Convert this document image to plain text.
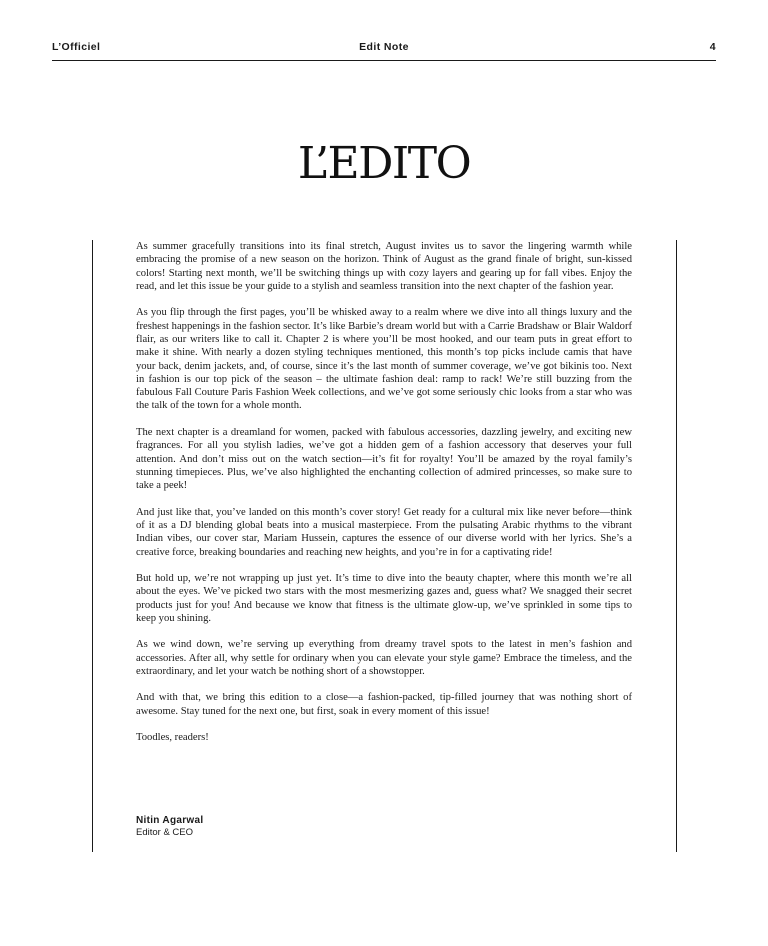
L’Officiel	Edit Note	4
L’EDITO

As summer gracefully transitions into its final stretch, August invites us to savor the lingering warmth while embracing the promise of a new season on the horizon. Think of August as the grand finale of bright, sun-kissed colors! Starting next month, we’ll be switching things up with cozy layers and gearing up for fall vibes. Enjoy the read, and let this issue be your guide to a stylish and seamless transition into the next chapter of the fashion year.

As you flip through the first pages, you’ll be whisked away to a realm where we dive into all things luxury and the freshest happenings in the fashion sector. It’s like Barbie’s dream world but with a Carrie Bradshaw or Blair Waldorf flair, as our writers like to call it. Chapter 2 is where you’ll be most hooked, and our team puts in great effort to make it shine. With nearly a dozen styling techniques mentioned, this month’s top picks include camis that have your back, denim jackets, and, of course, since it’s the last month of summer coverage, we’ve got bikinis too. Next in fashion is our top pick of the season – the ultimate fashion deal: ramp to rack! We’re still buzzing from the fabulous Fall Couture Paris Fashion Week collections, and we’ve got some seriously chic looks from a star who was the talk of the town for a whole month.

The next chapter is a dreamland for women, packed with fabulous accessories, dazzling jewelry, and exciting new fragrances. For all you stylish ladies, we’ve got a hidden gem of a fashion accessory that deserves your full attention. And don’t miss out on the watch section—it’s fit for royalty! You’ll be amazed by the royal family’s stunning timepieces. Plus, we’ve also highlighted the enchanting collection of admired princesses, so make sure to take a peek!

And just like that, you’ve landed on this month’s cover story! Get ready for a cultural mix like never before—think of it as a DJ blending global beats into a musical masterpiece. From the pulsating Arabic rhythms to the vibrant Indian vibes, our cover star, Mariam Hussein, captures the essence of our diverse world with her lyrics. She’s a creative force, breaking boundaries and reaching new heights, and you’re in for a captivating ride!

But hold up, we’re not wrapping up just yet. It’s time to dive into the beauty chapter, where this month we’re all about the eyes. We’ve picked two stars with the most mesmerizing gazes and, guess what? We snagged their secret products just for you! And because we know that fitness is the ultimate glow-up, we’ve sprinkled in some tips to keep you shining.

As we wind down, we’re serving up everything from dreamy travel spots to the latest in men’s fashion and accessories. After all, why settle for ordinary when you can elevate your style game? Embrace the timeless, and the extraordinary, and let your watch be nothing short of a showstopper.

And with that, we bring this edition to a close—a fashion-packed, tip-filled journey that was nothing short of awesome. Stay tuned for the next one, but first, soak in every moment of this issue!

Toodles, readers!

Nitin Agarwal
Editor & CEO
